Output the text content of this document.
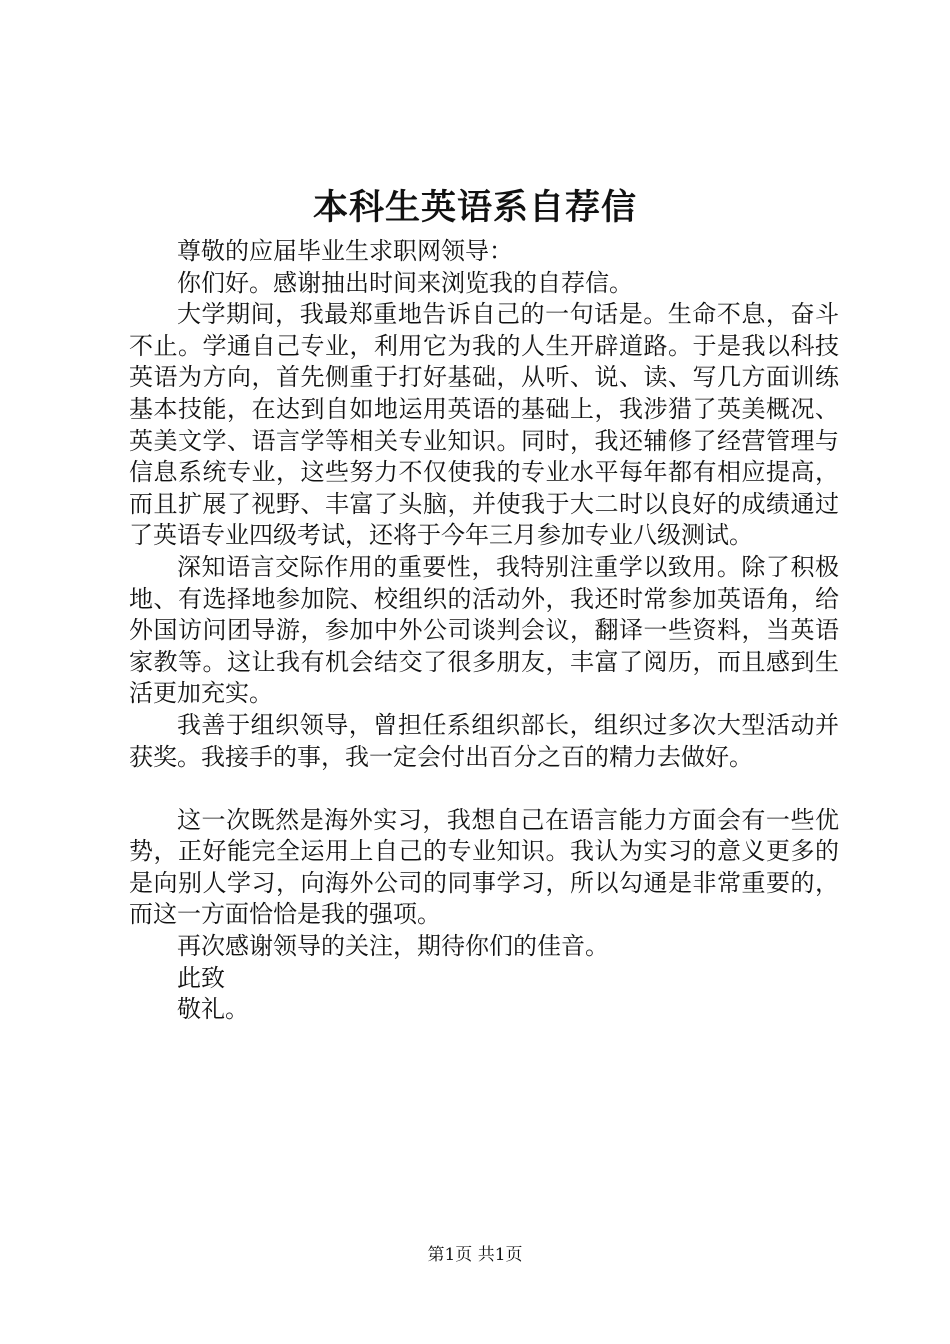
本科生英语系自荐信

尊敬的应届毕业生求职网领导：

你们好。感谢抽出时间来浏览我的自荐信。

大学期间，我最郑重地告诉自己的一句话是。生命不息，奋斗不止。学通自己专业，利用它为我的人生开辟道路。于是我以科技英语为方向，首先侧重于打好基础，从听、说、读、写几方面训练基本技能，在达到自如地运用英语的基础上，我涉猎了英美概况、英美文学、语言学等相关专业知识。同时，我还辅修了经营管理与信息系统专业，这些努力不仅使我的专业水平每年都有相应提高，而且扩展了视野、丰富了头脑，并使我于大二时以良好的成绩通过了英语专业四级考试，还将于今年三月参加专业八级测试。

深知语言交际作用的重要性，我特别注重学以致用。除了积极地、有选择地参加院、校组织的活动外，我还时常参加英语角，给外国访问团导游，参加中外公司谈判会议，翻译一些资料，当英语家教等。这让我有机会结交了很多朋友，丰富了阅历，而且感到生活更加充实。

我善于组织领导，曾担任系组织部长，组织过多次大型活动并获奖。我接手的事，我一定会付出百分之百的精力去做好。

这一次既然是海外实习，我想自己在语言能力方面会有一些优势，正好能完全运用上自己的专业知识。我认为实习的意义更多的是向别人学习，向海外公司的同事学习，所以勾通是非常重要的，而这一方面恰恰是我的强项。

再次感谢领导的关注，期待你们的佳音。

此致

敬礼。

第1页 共1页
